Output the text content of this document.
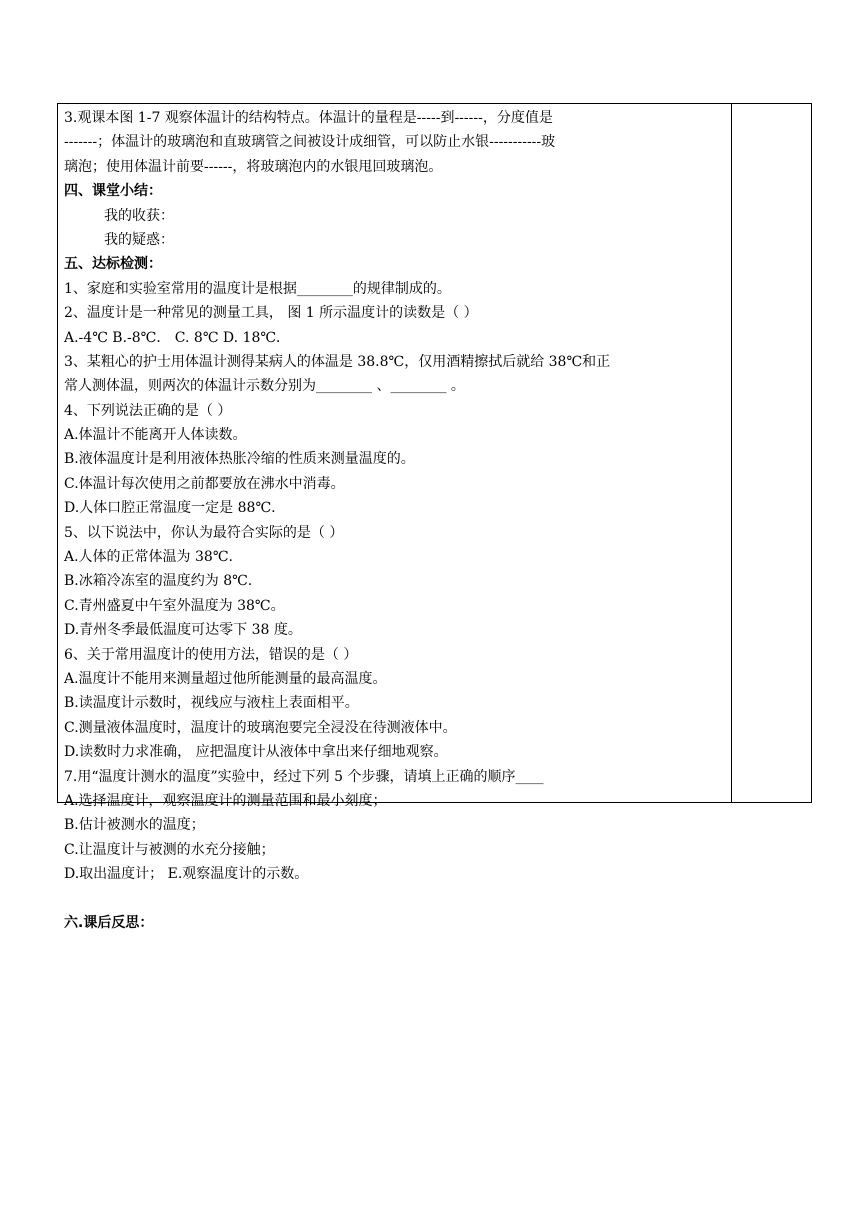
3.观课本图 1-7 观察体温计的结构特点。体温计的量程是-----到------，分度值是
-------；体温计的玻璃泡和直玻璃管之间被设计成细管，可以防止水银-----------玻
璃泡；使用体温计前要------，将玻璃泡内的水银甩回玻璃泡。
四、课堂小结：
我的收获：
我的疑惑：
五、达标检测：
1、家庭和实验室常用的温度计是根据________的规律制成的。
2、温度计是一种常见的测量工具， 图 1 所示温度计的读数是（ ）
A.-4℃ B.-8℃． C. 8℃ D. 18℃．
3、某粗心的护士用体温计测得某病人的体温是 38.8℃，仅用酒精擦拭后就给 38℃和正
常人测体温，则两次的体温计示数分别为________ 、________ 。
4、下列说法正确的是（ ）
A.体温计不能离开人体读数。
B.液体温度计是利用液体热胀冷缩的性质来测量温度的。
C.体温计每次使用之前都要放在沸水中消毒。
D.人体口腔正常温度一定是 88℃.
5、以下说法中，你认为最符合实际的是（ ）
A.人体的正常体温为 38℃.
B.冰箱冷冻室的温度约为 8℃.
C.青州盛夏中午室外温度为 38℃。
D.青州冬季最低温度可达零下 38 度。
6、关于常用温度计的使用方法，错误的是（ ）
A.温度计不能用来测量超过他所能测量的最高温度。
B.读温度计示数时，视线应与液柱上表面相平。
C.测量液体温度时，温度计的玻璃泡要完全浸没在待测液体中。
D.读数时力求准确， 应把温度计从液体中拿出来仔细地观察。
7.用“温度计测水的温度”实验中，经过下列 5 个步骤，请填上正确的顺序____
A.选择温度计，观察温度计的测量范围和最小刻度；
B.估计被测水的温度；
C.让温度计与被测的水充分接触；
D.取出温度计； E.观察温度计的示数。
六.课后反思：
